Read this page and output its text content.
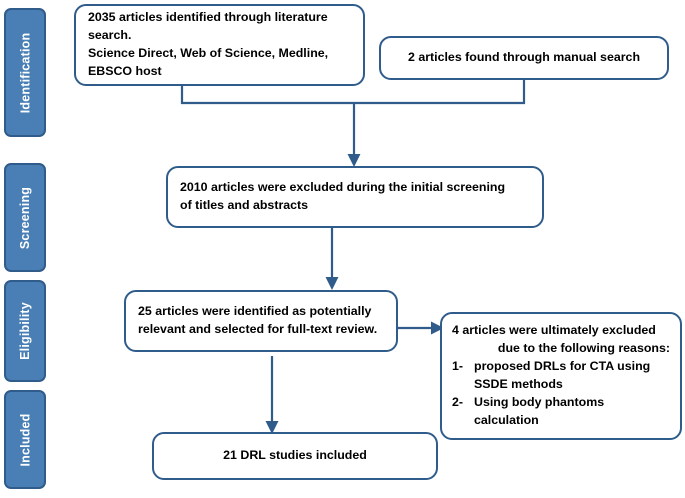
Identification
Screening
Eligibility
Included
2035 articles identified through literature
search.
Science Direct, Web of Science, Medline,
EBSCO host
2 articles found through manual search
2010 articles were excluded during the initial screening
of titles and abstracts
25 articles were identified as potentially
relevant and selected for full-text review.	4 articles were ultimately excluded
due to the following reasons:
1- proposed DRLs for CTA using
SSDE methods
2- Using body phantoms
calculation
21 DRL studies included
